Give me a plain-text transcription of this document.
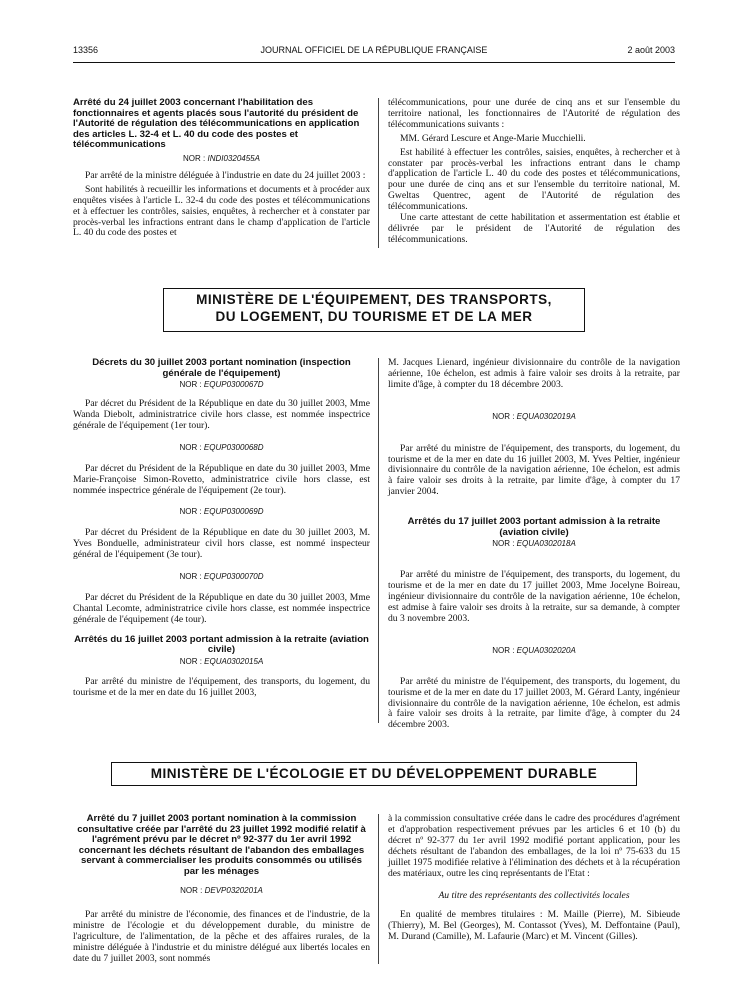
13356	JOURNAL OFFICIEL DE LA RÉPUBLIQUE FRANÇAISE	2 août 2003
Arrêté du 24 juillet 2003 concernant l'habilitation des fonctionnaires et agents placés sous l'autorité du président de l'Autorité de régulation des télécommunications en application des articles L. 32-4 et L. 40 du code des postes et télécommunications
NOR : INDI0320455A

Par arrêté de la ministre déléguée à l'industrie en date du 24 juillet 2003 :

Sont habilités à recueillir les informations et documents et à procéder aux enquêtes visées à l'article L. 32-4 du code des postes et télécommunications et à effectuer les contrôles, saisies, enquêtes, à rechercher et à constater par procès-verbal les infractions entrant dans le champ d'application de l'article L. 40 du code des postes et

télécommunications, pour une durée de cinq ans et sur l'ensemble du territoire national, les fonctionnaires de l'Autorité de régulation des télécommunications suivants :

MM. Gérard Lescure et Ange-Marie Mucchielli.

Est habilité à effectuer les contrôles, saisies, enquêtes, à rechercher et à constater par procès-verbal les infractions entrant dans le champ d'application de l'article L. 40 du code des postes et télécommunications, pour une durée de cinq ans et sur l'ensemble du territoire national, M. Gweltas Quentrec, agent de l'Autorité de régulation des télécommunications.

Une carte attestant de cette habilitation et assermentation est établie et délivrée par le président de l'Autorité de régulation des télécommunications.

MINISTÈRE DE L'ÉQUIPEMENT, DES TRANSPORTS,
DU LOGEMENT, DU TOURISME ET DE LA MER
Décrets du 30 juillet 2003 portant nomination (inspection générale de l'équipement)
NOR : EQUP0300067D

Par décret du Président de la République en date du 30 juillet 2003, Mme Wanda Diebolt, administratrice civile hors classe, est nommée inspectrice générale de l'équipement (1er tour).

NOR : EQUP0300068D

Par décret du Président de la République en date du 30 juillet 2003, Mme Marie-Françoise Simon-Rovetto, administratrice civile hors classe, est nommée inspectrice générale de l'équipement (2e tour).

NOR : EQUP0300069D

Par décret du Président de la République en date du 30 juillet 2003, M. Yves Bonduelle, administrateur civil hors classe, est nommé inspecteur général de l'équipement (3e tour).

NOR : EQUP0300070D

Par décret du Président de la République en date du 30 juillet 2003, Mme Chantal Lecomte, administratrice civile hors classe, est nommée inspectrice générale de l'équipement (4e tour).

Arrêtés du 16 juillet 2003 portant admission à la retraite (aviation civile)
NOR : EQUA0302015A

Par arrêté du ministre de l'équipement, des transports, du logement, du tourisme et de la mer en date du 16 juillet 2003,

M. Jacques Lienard, ingénieur divisionnaire du contrôle de la navigation aérienne, 10e échelon, est admis à faire valoir ses droits à la retraite, par limite d'âge, à compter du 18 décembre 2003.

NOR : EQUA0302019A

Par arrêté du ministre de l'équipement, des transports, du logement, du tourisme et de la mer en date du 16 juillet 2003, M. Yves Peltier, ingénieur divisionnaire du contrôle de la navigation aérienne, 10e échelon, est admis à faire valoir ses droits à la retraite, par limite d'âge, à compter du 17 janvier 2004.

Arrêtés du 17 juillet 2003 portant admission à la retraite (aviation civile)
NOR : EQUA0302018A

Par arrêté du ministre de l'équipement, des transports, du logement, du tourisme et de la mer en date du 17 juillet 2003, Mme Jocelyne Boireau, ingénieur divisionnaire du contrôle de la navigation aérienne, 10e échelon, est admise à faire valoir ses droits à la retraite, sur sa demande, à compter du 3 novembre 2003.

NOR : EQUA0302020A

Par arrêté du ministre de l'équipement, des transports, du logement, du tourisme et de la mer en date du 17 juillet 2003, M. Gérard Lanty, ingénieur divisionnaire du contrôle de la navigation aérienne, 10e échelon, est admis à faire valoir ses droits à la retraite, par limite d'âge, à compter du 24 décembre 2003.

MINISTÈRE DE L'ÉCOLOGIE ET DU DÉVELOPPEMENT DURABLE
Arrêté du 7 juillet 2003 portant nomination à la commission consultative créée par l'arrêté du 23 juillet 1992 modifié relatif à l'agrément prévu par le décret nº 92-377 du 1er avril 1992 concernant les déchets résultant de l'abandon des emballages servant à commercialiser les produits consommés ou utilisés par les ménages
NOR : DEVP0320201A

Par arrêté du ministre de l'économie, des finances et de l'industrie, de la ministre de l'écologie et du développement durable, du ministre de l'agriculture, de l'alimentation, de la pêche et des affaires rurales, de la ministre déléguée à l'industrie et du ministre délégué aux libertés locales en date du 7 juillet 2003, sont nommés

à la commission consultative créée dans le cadre des procédures d'agrément et d'approbation respectivement prévues par les articles 6 et 10 (b) du décret nº 92-377 du 1er avril 1992 modifié portant application, pour les déchets résultant de l'abandon des emballages, de la loi nº 75-633 du 15 juillet 1975 modifiée relative à l'élimination des déchets et à la récupération des matériaux, outre les cinq représentants de l'Etat :

Au titre des représentants des collectivités locales

En qualité de membres titulaires : M. Maille (Pierre), M. Sibieude (Thierry), M. Bel (Georges), M. Contassot (Yves), M. Deffontaine (Paul), M. Durand (Camille), M. Lafaurie (Marc) et M. Vincent (Gilles).
